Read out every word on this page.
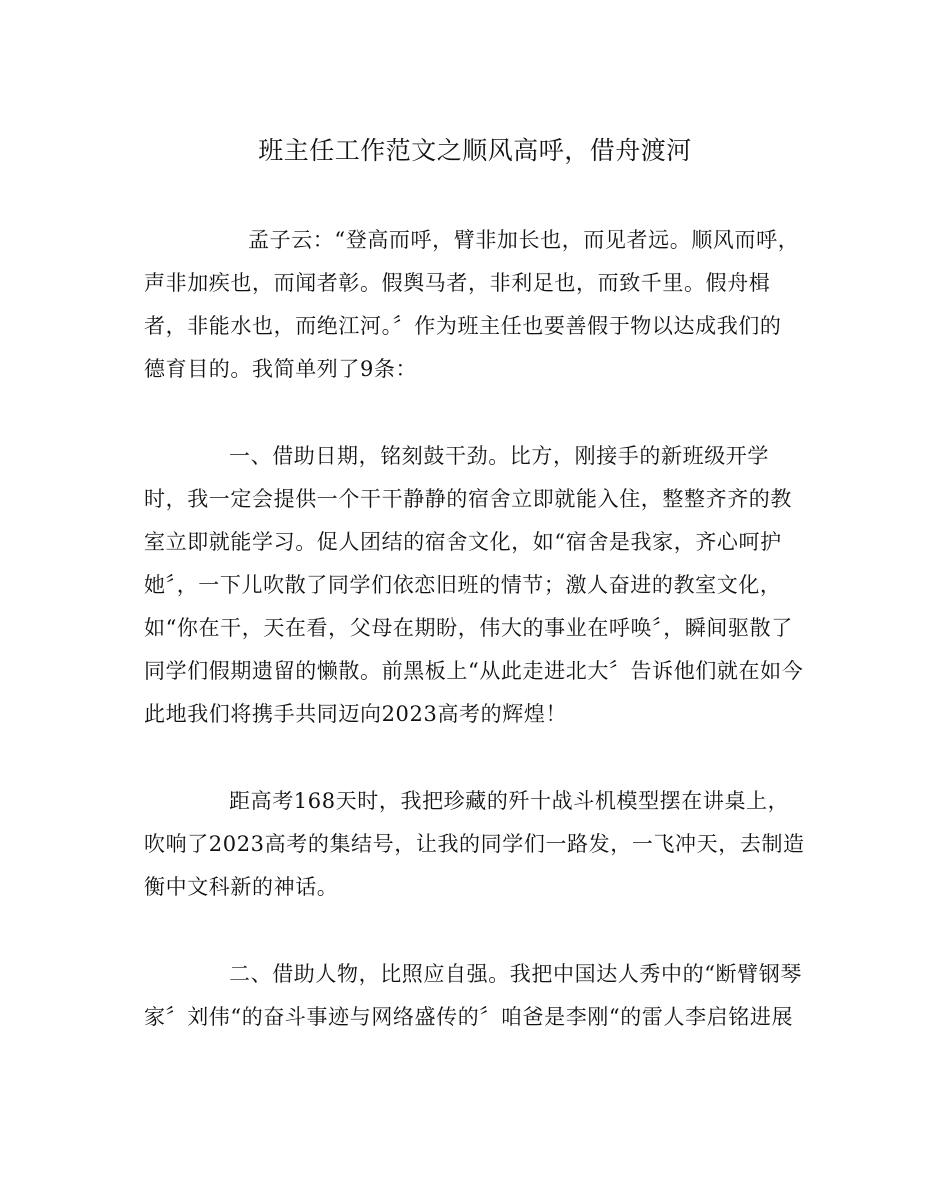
班主任工作范文之顺风高呼，借舟渡河
孟子云：“登高而呼，臂非加长也，而见者远。顺风而呼，
声非加疾也，而闻者彰。假舆马者，非利足也，而致千里。假舟楫
者，非能水也，而绝江河。〞作为班主任也要善假于物以达成我们的
德育目的。我简单列了9条：
一、借助日期，铭刻鼓干劲。比方，刚接手的新班级开学
时，我一定会提供一个干干静静的宿舍立即就能入住，整整齐齐的教
室立即就能学习。促人团结的宿舍文化，如“宿舍是我家，齐心呵护
她〞，一下儿吹散了同学们依恋旧班的情节；激人奋进的教室文化，
如“你在干，天在看，父母在期盼，伟大的事业在呼唤〞，瞬间驱散了
同学们假期遗留的懒散。前黑板上“从此走进北大〞告诉他们就在如今
此地我们将携手共同迈向2023高考的辉煌！
距高考168天时，我把珍藏的歼十战斗机模型摆在讲桌上，
吹响了2023高考的集结号，让我的同学们一路发，一飞冲天，去制造
衡中文科新的神话。
二、借助人物，比照应自强。我把中国达人秀中的“断臂钢琴
家〞刘伟“的奋斗事迹与网络盛传的〞咱爸是李刚“的雷人李启铭进展
